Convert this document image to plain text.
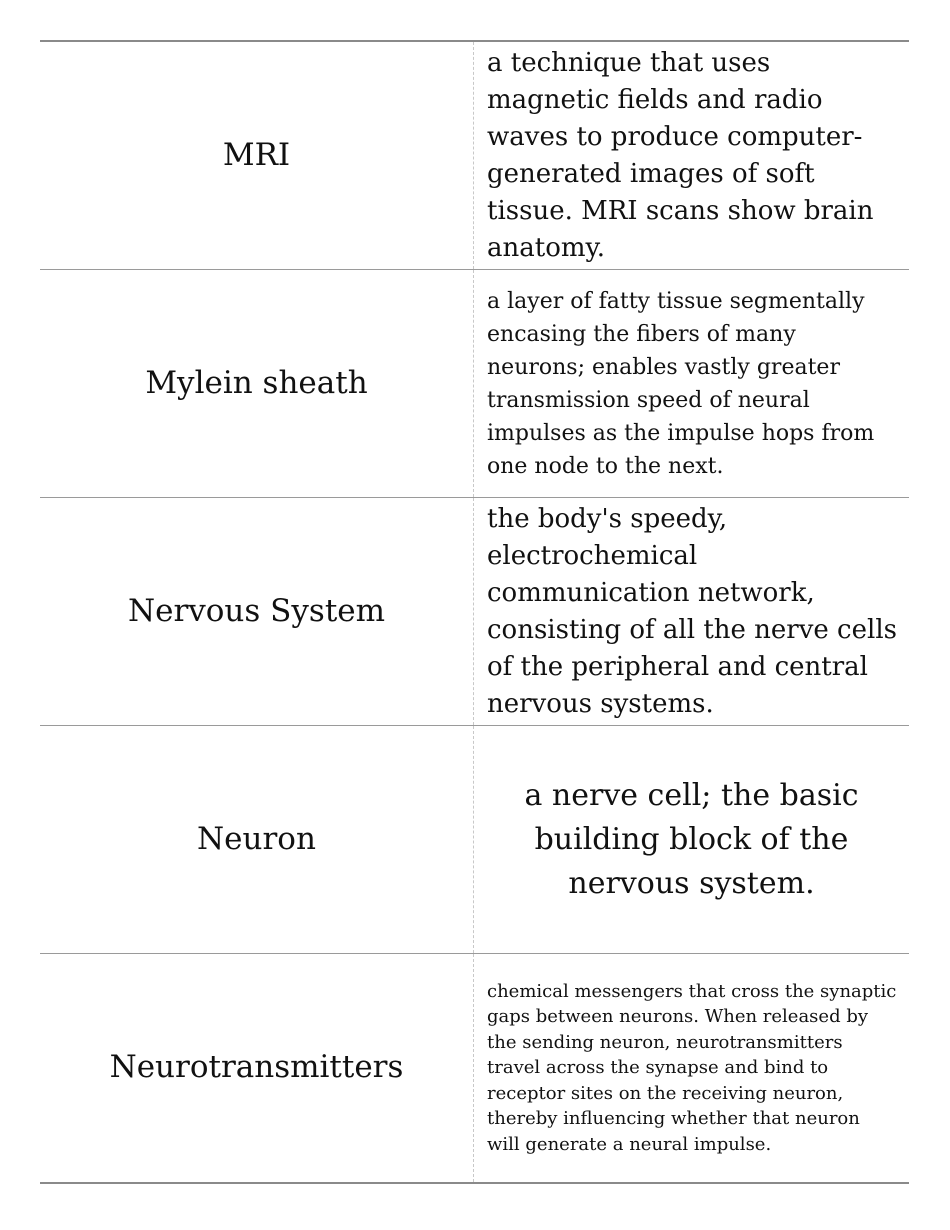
MRI
a technique that uses magnetic fields and radio waves to produce computer-generated images of soft tissue. MRI scans show brain anatomy.
Mylein sheath
a layer of fatty tissue segmentally encasing the fibers of many neurons; enables vastly greater transmission speed of neural impulses as the impulse hops from one node to the next.
Nervous System
the body's speedy, electrochemical communication network, consisting of all the nerve cells of the peripheral and central nervous systems.
Neuron
a nerve cell; the basic building block of the nervous system.
Neurotransmitters
chemical messengers that cross the synaptic gaps between neurons. When released by the sending neuron, neurotransmitters travel across the synapse and bind to receptor sites on the receiving neuron, thereby influencing whether that neuron will generate a neural impulse.
